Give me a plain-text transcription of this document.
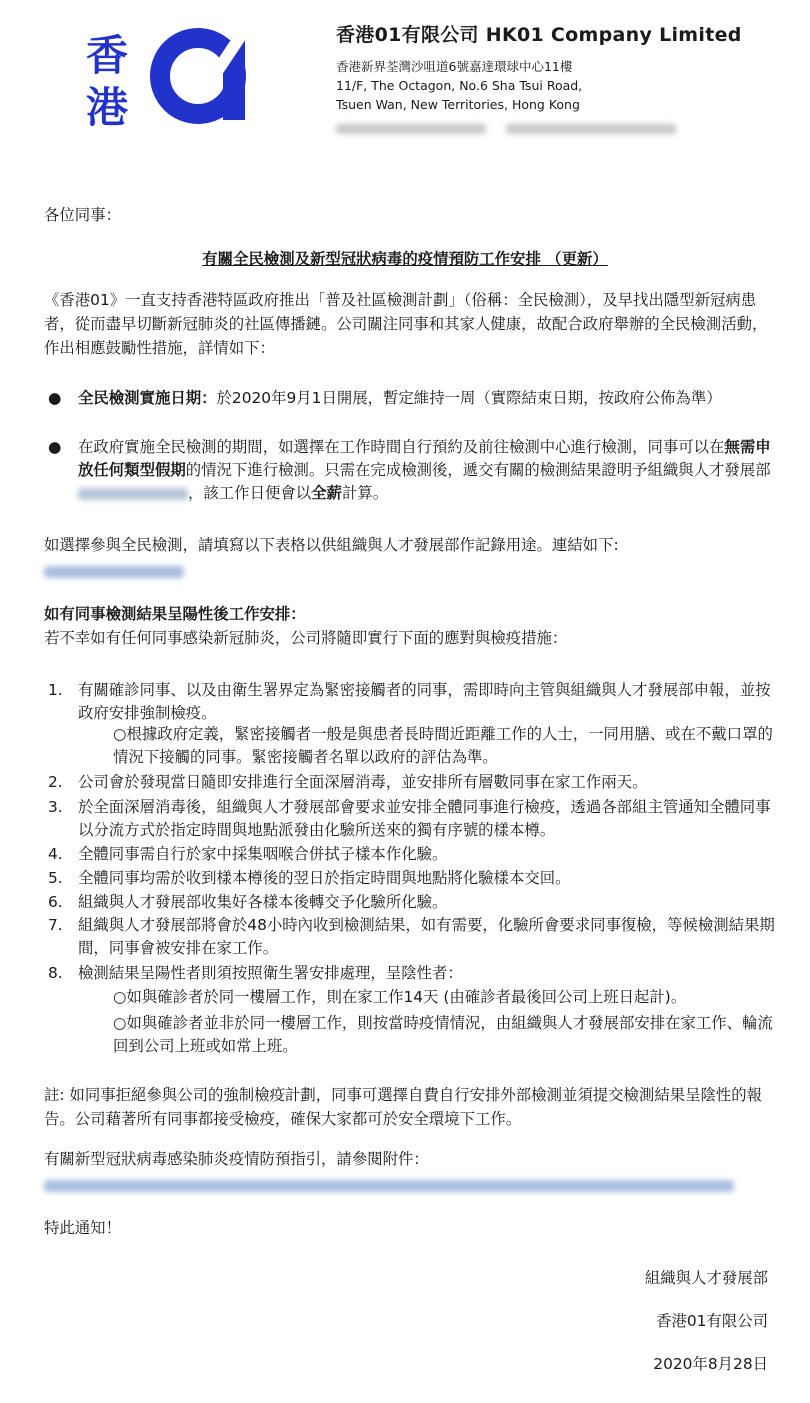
香
港
香港01有限公司 HK01 Company Limited
香港新界荃灣沙咀道6號嘉達環球中心11樓
11/F, The Octagon, No.6 Sha Tsui Road,
Tsuen Wan, New Territories, Hong Kong
各位同事：
有關全民檢測及新型冠狀病毒的疫情預防工作安排 （更新）
《香港01》一直支持香港特區政府推出「普及社區檢測計劃」（俗稱：全民檢測），及早找出隱型新冠病患者，從而盡早切斷新冠肺炎的社區傳播鏈。公司關注同事和其家人健康，故配合政府舉辦的全民檢測活動，作出相應鼓勵性措施，詳情如下：
● 全民檢測實施日期：於2020年9月1日開展，暫定維持一周（實際結束日期，按政府公佈為準）
● 在政府實施全民檢測的期間，如選擇在工作時間自行預約及前往檢測中心進行檢測，同事可以在無需申放任何類型假期的情況下進行檢測。只需在完成檢測後，遞交有關的檢測結果證明予組織與人才發展部 ，該工作日便會以全薪計算。
如選擇參與全民檢測，請填寫以下表格以供組織與人才發展部作記錄用途。連結如下:
如有同事檢測結果呈陽性後工作安排：
若不幸如有任何同事感染新冠肺炎，公司將隨即實行下面的應對與檢疫措施：
1. 有關確診同事、以及由衛生署界定為緊密接觸者的同事，需即時向主管與組織與人才發展部申報，並按政府安排強制檢疫。
○根據政府定義，緊密接觸者一般是與患者長時間近距離工作的人士，一同用膳、或在不戴口罩的情況下接觸的同事。緊密接觸者名單以政府的評估為準。
2. 公司會於發現當日隨即安排進行全面深層消毒，並安排所有層數同事在家工作兩天。
3. 於全面深層消毒後，組織與人才發展部會要求並安排全體同事進行檢疫，透過各部組主管通知全體同事以分流方式於指定時間與地點派發由化驗所送來的獨有序號的樣本樽。
4. 全體同事需自行於家中採集咽喉合併拭子樣本作化驗。
5. 全體同事均需於收到樣本樽後的翌日於指定時間與地點將化驗樣本交回。
6. 組織與人才發展部收集好各樣本後轉交予化驗所化驗。
7. 組織與人才發展部將會於48小時內收到檢測結果，如有需要，化驗所會要求同事復檢，等候檢測結果期間，同事會被安排在家工作。
8. 檢測結果呈陽性者則須按照衛生署安排處理，呈陰性者：
○如與確診者於同一樓層工作，則在家工作14天 (由確診者最後回公司上班日起計)。
○如與確診者並非於同一樓層工作，則按當時疫情情況，由組織與人才發展部安排在家工作、輪流回到公司上班或如常上班。
註: 如同事拒絕參與公司的強制檢疫計劃，同事可選擇自費自行安排外部檢測並須提交檢測結果呈陰性的報告。公司藉著所有同事都接受檢疫，確保大家都可於安全環境下工作。
有關新型冠狀病毒感染肺炎疫情防預指引，請參閱附件：
特此通知！
組織與人才發展部
香港01有限公司
2020年8月28日
